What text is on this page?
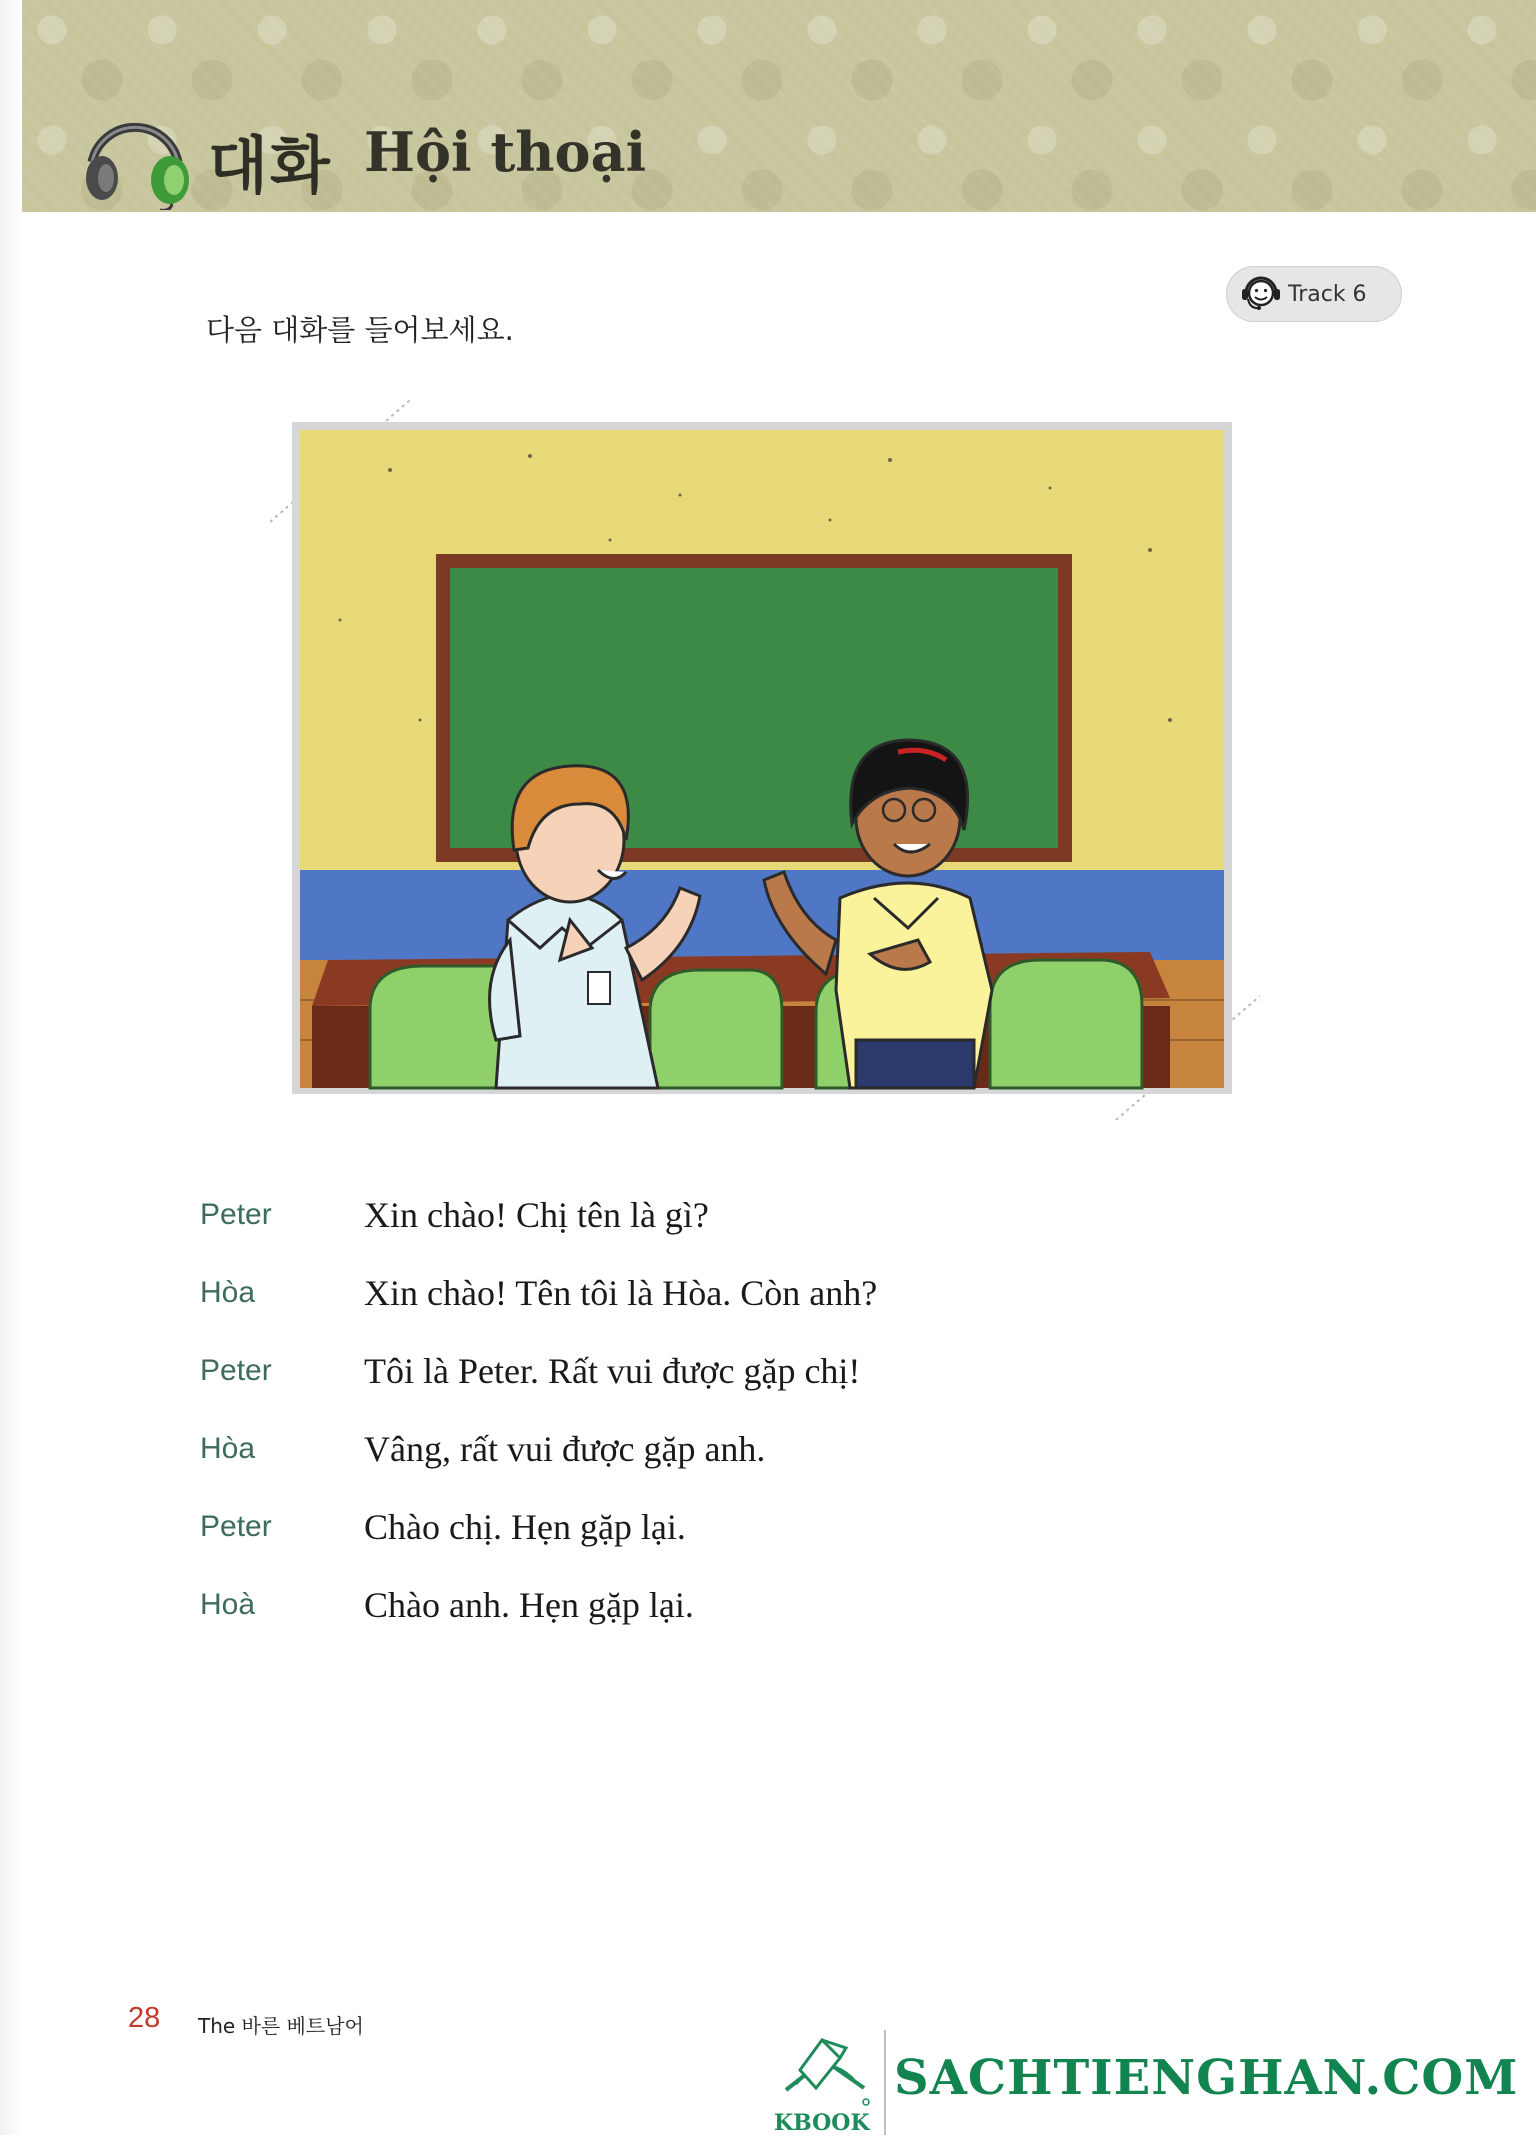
대화 Hội thoại
Track 6
다음 대화를 들어보세요.
Peter	Xin chào! Chị tên là gì?
Hòa	Xin chào! Tên tôi là Hòa. Còn anh?
Peter	Tôi là Peter. Rất vui được gặp chị!
Hòa	Vâng, rất vui được gặp anh.
Peter	Chào chị. Hẹn gặp lại.
Hoà	Chào anh. Hẹn gặp lại.
28 The 바른 베트남어
KBOOK
SACHTIENGHAN.COM
